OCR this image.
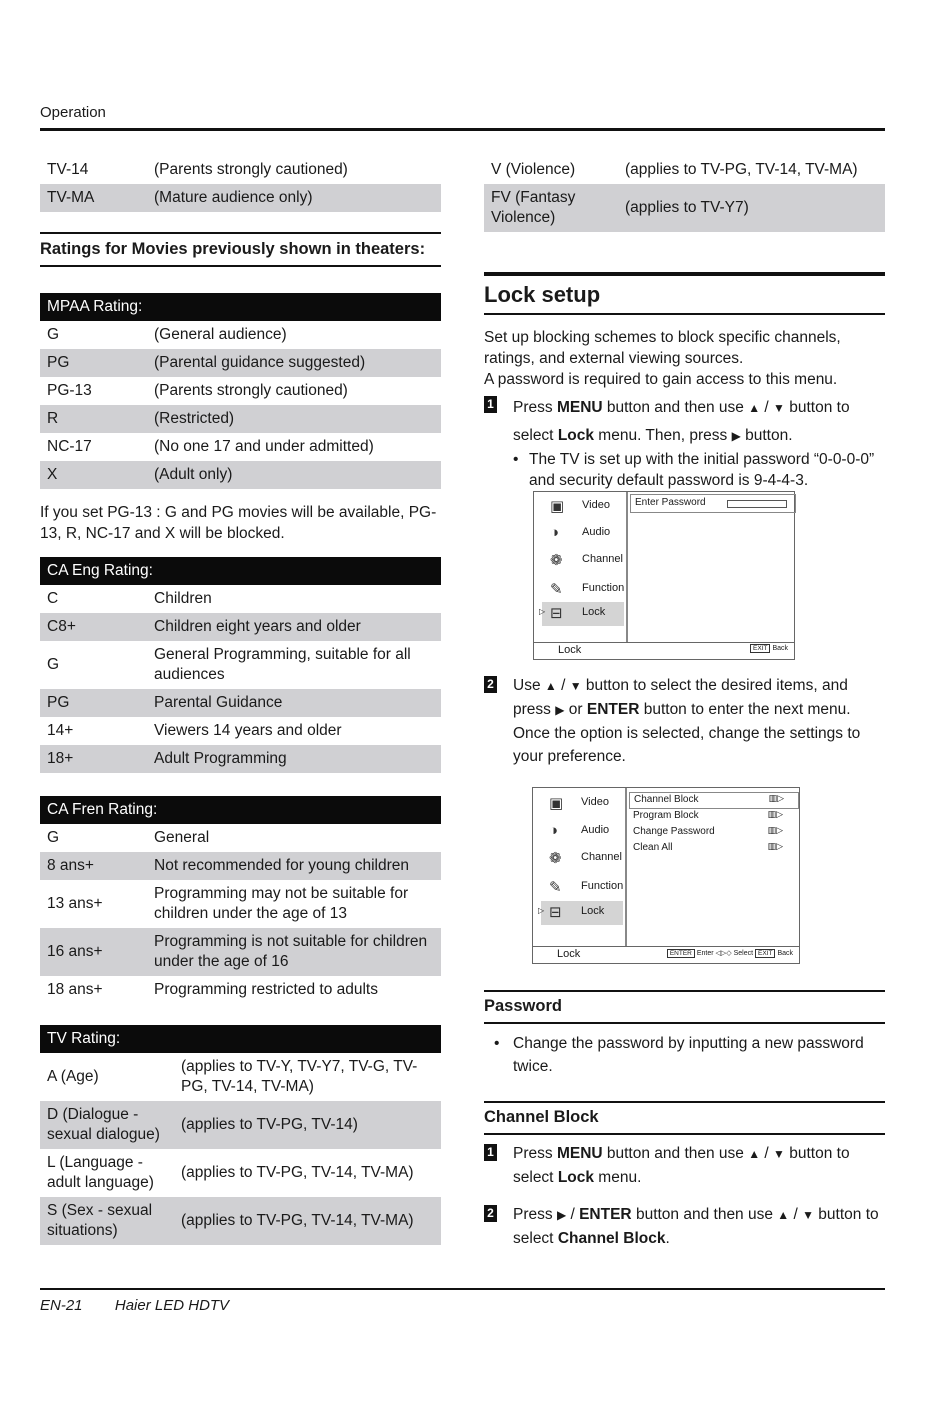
Operation
TV-14	(Parents strongly cautioned)
TV-MA	(Mature audience only)
Ratings for Movies previously shown in theaters:
MPAA Rating:	
G	(General audience)
PG	(Parental guidance suggested)
PG-13	(Parents strongly cautioned)
R	(Restricted)
NC-17	(No one 17 and under admitted)
X	(Adult only)
If you set PG-13 : G and PG movies will be available, PG-13, R, NC-17 and X will be blocked.
CA Eng Rating:	
C	Children
C8+	Children eight years and older
G	General Programming, suitable for all audiences
PG	Parental Guidance
14+	Viewers 14 years and older
18+	Adult Programming
CA Fren Rating:	
G	General
8 ans+	Not recommended for young children
13 ans+	Programming may not be suitable for children under the age of 13
16 ans+	Programming is not suitable for children under the age of 16
18 ans+	Programming restricted to adults
TV Rating:	
A (Age)	(applies to TV-Y, TV-Y7, TV-G, TV-PG, TV-14, TV-MA)
D (Dialogue - sexual dialogue)	(applies to TV-PG, TV-14)
L (Language - adult language)	(applies to TV-PG, TV-14, TV-MA)
S (Sex - sexual situations)	(applies to TV-PG, TV-14, TV-MA)
V (Violence)	(applies to TV-PG, TV-14, TV-MA)
FV (Fantasy Violence)	(applies to TV-Y7)
Lock setup
Set up blocking schemes to block specific channels, ratings, and external viewing sources.
A password is required to gain access to this menu.
1 Press MENU button and then use ▲ / ▼ button to select Lock menu. Then, press ▶ button.
• The TV is set up with the initial password “0-0-0-0” and security default password is 9-4-4-3.
▣ Video
◑ Audio
❁ Channel
✎ Function
▷ ⊟ Lock
Enter Password
Lock	EXIT Back
2 Use ▲ / ▼ button to select the desired items, and press ▶ or ENTER button to enter the next menu. Once the option is selected, change the settings to your preference.
▣ Video
◑ Audio
❁ Channel
✎ Function
▷ ⊟ Lock
Channel Block	▥▷
Program Block	▥▷
Change Password	▥▷
Clean All	▥▷
Lock	ENTER Enter ◁▷◇ Select EXIT Back
Password
• Change the password by inputting a new password twice.
Channel Block
1 Press MENU button and then use ▲ / ▼ button to select Lock menu.
2 Press ▶ / ENTER button and then use ▲ / ▼ button to select Channel Block.
EN-21 Haier LED HDTV
